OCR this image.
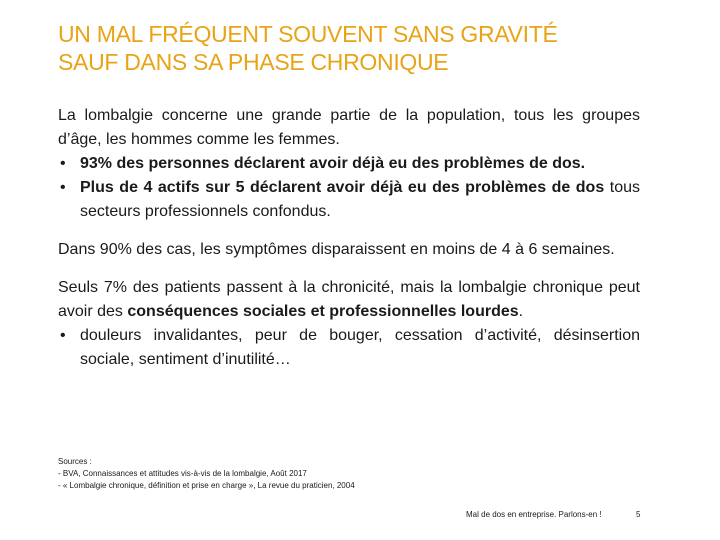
UN MAL FRÉQUENT SOUVENT SANS GRAVITÉ
SAUF DANS SA PHASE CHRONIQUE

La lombalgie concerne une grande partie de la population, tous les groupes d’âge, les hommes comme les femmes.

• 93% des personnes déclarent avoir déjà eu des problèmes de dos.
• Plus de 4 actifs sur 5 déclarent avoir déjà eu des problèmes de dos tous secteurs professionnels confondus.

Dans 90% des cas, les symptômes disparaissent en moins de 4 à 6 semaines.

Seuls 7% des patients passent à la chronicité, mais la lombalgie chronique peut avoir des conséquences sociales et professionnelles lourdes.

• douleurs invalidantes, peur de bouger, cessation d’activité, désinsertion sociale, sentiment d’inutilité…
Sources :
- BVA, Connaissances et attitudes vis-à-vis de la lombalgie, Août 2017
- « Lombalgie chronique, définition et prise en charge », La revue du praticien, 2004
Mal de dos en entreprise. Parlons-en !	5
